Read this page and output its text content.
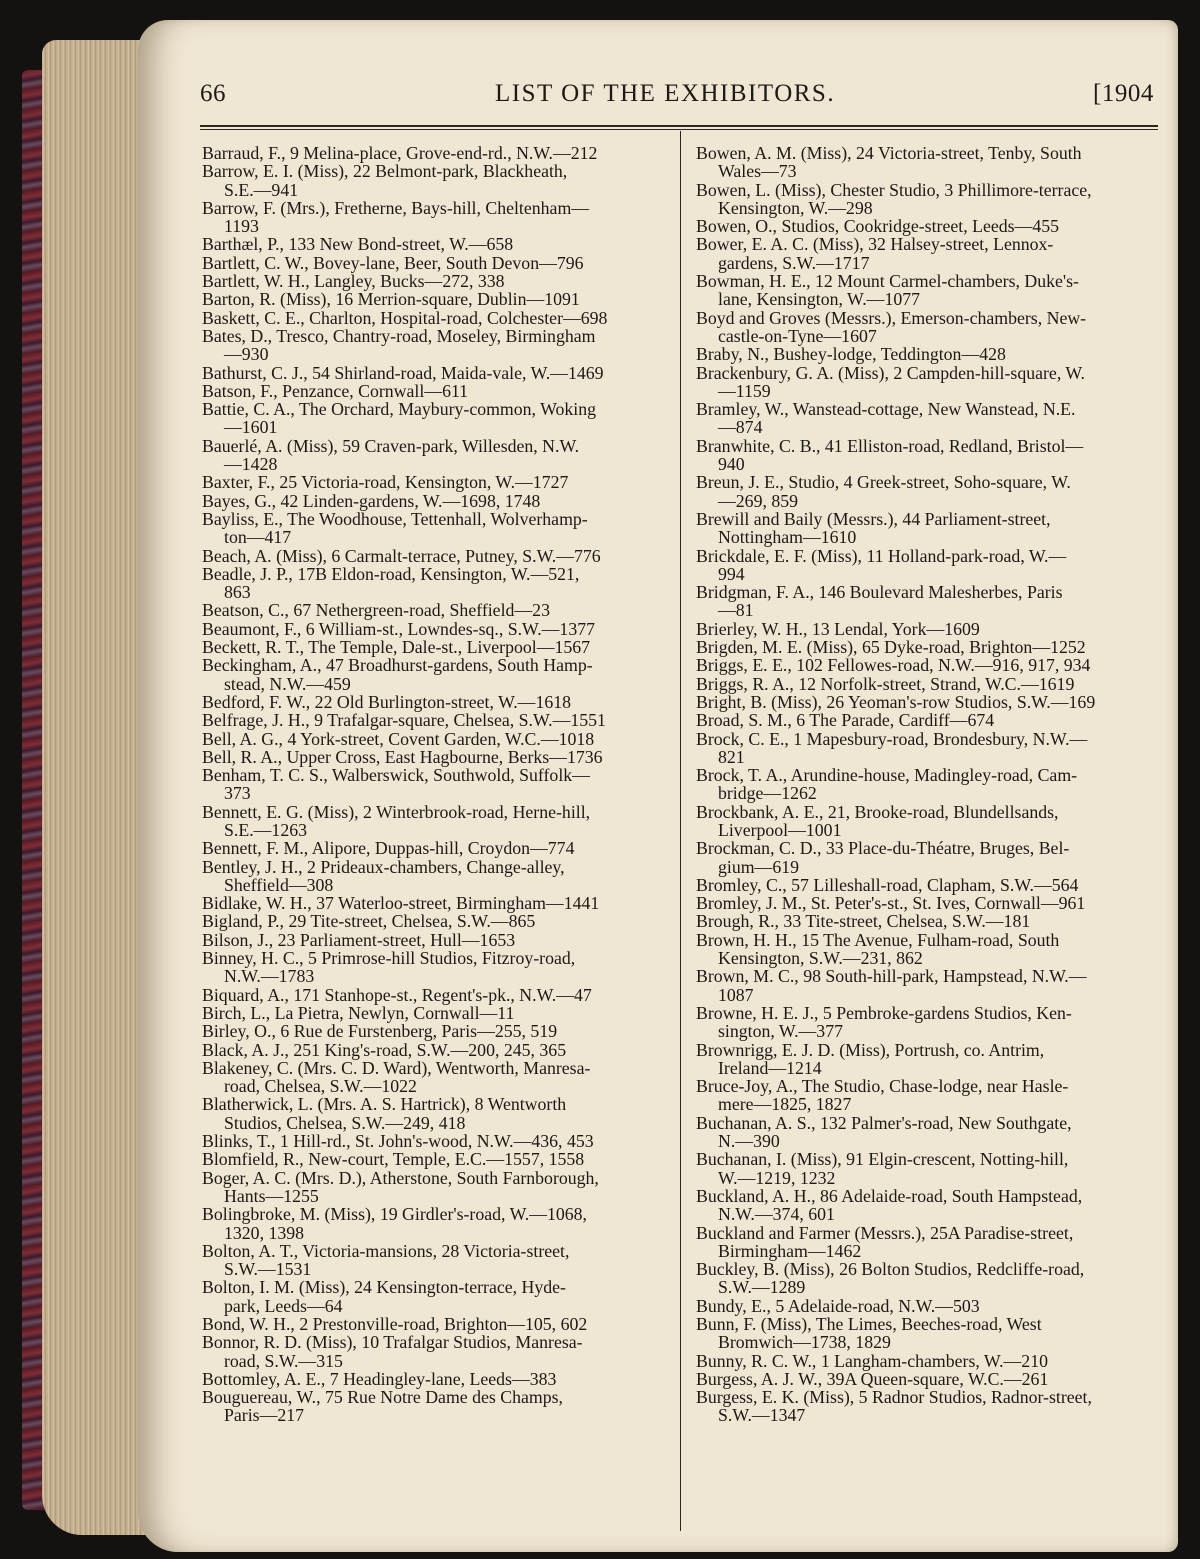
66	LIST OF THE EXHIBITORS.	[1904
Barraud, F., 9 Melina-place, Grove-end-rd., N.W.—212
Barrow, E. I. (Miss), 22 Belmont-park, Blackheath,
S.E.—941
Barrow, F. (Mrs.), Fretherne, Bays-hill, Cheltenham—
1193
Barthæl, P., 133 New Bond-street, W.—658
Bartlett, C. W., Bovey-lane, Beer, South Devon—796
Bartlett, W. H., Langley, Bucks—272, 338
Barton, R. (Miss), 16 Merrion-square, Dublin—1091
Baskett, C. E., Charlton, Hospital-road, Colchester—698
Bates, D., Tresco, Chantry-road, Moseley, Birmingham
—930
Bathurst, C. J., 54 Shirland-road, Maida-vale, W.—1469
Batson, F., Penzance, Cornwall—611
Battie, C. A., The Orchard, Maybury-common, Woking
—1601
Bauerlé, A. (Miss), 59 Craven-park, Willesden, N.W.
—1428
Baxter, F., 25 Victoria-road, Kensington, W.—1727
Bayes, G., 42 Linden-gardens, W.—1698, 1748
Bayliss, E., The Woodhouse, Tettenhall, Wolverhamp-
ton—417
Beach, A. (Miss), 6 Carmalt-terrace, Putney, S.W.—776
Beadle, J. P., 17B Eldon-road, Kensington, W.—521,
863
Beatson, C., 67 Nethergreen-road, Sheffield—23
Beaumont, F., 6 William-st., Lowndes-sq., S.W.—1377
Beckett, R. T., The Temple, Dale-st., Liverpool—1567
Beckingham, A., 47 Broadhurst-gardens, South Hamp-
stead, N.W.—459
Bedford, F. W., 22 Old Burlington-street, W.—1618
Belfrage, J. H., 9 Trafalgar-square, Chelsea, S.W.—1551
Bell, A. G., 4 York-street, Covent Garden, W.C.—1018
Bell, R. A., Upper Cross, East Hagbourne, Berks—1736
Benham, T. C. S., Walberswick, Southwold, Suffolk—
373
Bennett, E. G. (Miss), 2 Winterbrook-road, Herne-hill,
S.E.—1263
Bennett, F. M., Alipore, Duppas-hill, Croydon—774
Bentley, J. H., 2 Prideaux-chambers, Change-alley,
Sheffield—308
Bidlake, W. H., 37 Waterloo-street, Birmingham—1441
Bigland, P., 29 Tite-street, Chelsea, S.W.—865
Bilson, J., 23 Parliament-street, Hull—1653
Binney, H. C., 5 Primrose-hill Studios, Fitzroy-road,
N.W.—1783
Biquard, A., 171 Stanhope-st., Regent's-pk., N.W.—47
Birch, L., La Pietra, Newlyn, Cornwall—11
Birley, O., 6 Rue de Furstenberg, Paris—255, 519
Black, A. J., 251 King's-road, S.W.—200, 245, 365
Blakeney, C. (Mrs. C. D. Ward), Wentworth, Manresa-
road, Chelsea, S.W.—1022
Blatherwick, L. (Mrs. A. S. Hartrick), 8 Wentworth
Studios, Chelsea, S.W.—249, 418
Blinks, T., 1 Hill-rd., St. John's-wood, N.W.—436, 453
Blomfield, R., New-court, Temple, E.C.—1557, 1558
Boger, A. C. (Mrs. D.), Atherstone, South Farnborough,
Hants—1255
Bolingbroke, M. (Miss), 19 Girdler's-road, W.—1068,
1320, 1398
Bolton, A. T., Victoria-mansions, 28 Victoria-street,
S.W.—1531
Bolton, I. M. (Miss), 24 Kensington-terrace, Hyde-
park, Leeds—64
Bond, W. H., 2 Prestonville-road, Brighton—105, 602
Bonnor, R. D. (Miss), 10 Trafalgar Studios, Manresa-
road, S.W.—315
Bottomley, A. E., 7 Headingley-lane, Leeds—383
Bouguereau, W., 75 Rue Notre Dame des Champs,
Paris—217
Bowen, A. M. (Miss), 24 Victoria-street, Tenby, South
Wales—73
Bowen, L. (Miss), Chester Studio, 3 Phillimore-terrace,
Kensington, W.—298
Bowen, O., Studios, Cookridge-street, Leeds—455
Bower, E. A. C. (Miss), 32 Halsey-street, Lennox-
gardens, S.W.—1717
Bowman, H. E., 12 Mount Carmel-chambers, Duke's-
lane, Kensington, W.—1077
Boyd and Groves (Messrs.), Emerson-chambers, New-
castle-on-Tyne—1607
Braby, N., Bushey-lodge, Teddington—428
Brackenbury, G. A. (Miss), 2 Campden-hill-square, W.
—1159
Bramley, W., Wanstead-cottage, New Wanstead, N.E.
—874
Branwhite, C. B., 41 Elliston-road, Redland, Bristol—
940
Breun, J. E., Studio, 4 Greek-street, Soho-square, W.
—269, 859
Brewill and Baily (Messrs.), 44 Parliament-street,
Nottingham—1610
Brickdale, E. F. (Miss), 11 Holland-park-road, W.—
994
Bridgman, F. A., 146 Boulevard Malesherbes, Paris
—81
Brierley, W. H., 13 Lendal, York—1609
Brigden, M. E. (Miss), 65 Dyke-road, Brighton—1252
Briggs, E. E., 102 Fellowes-road, N.W.—916, 917, 934
Briggs, R. A., 12 Norfolk-street, Strand, W.C.—1619
Bright, B. (Miss), 26 Yeoman's-row Studios, S.W.—169
Broad, S. M., 6 The Parade, Cardiff—674
Brock, C. E., 1 Mapesbury-road, Brondesbury, N.W.—
821
Brock, T. A., Arundine-house, Madingley-road, Cam-
bridge—1262
Brockbank, A. E., 21, Brooke-road, Blundellsands,
Liverpool—1001
Brockman, C. D., 33 Place-du-Théatre, Bruges, Bel-
gium—619
Bromley, C., 57 Lilleshall-road, Clapham, S.W.—564
Bromley, J. M., St. Peter's-st., St. Ives, Cornwall—961
Brough, R., 33 Tite-street, Chelsea, S.W.—181
Brown, H. H., 15 The Avenue, Fulham-road, South
Kensington, S.W.—231, 862
Brown, M. C., 98 South-hill-park, Hampstead, N.W.—
1087
Browne, H. E. J., 5 Pembroke-gardens Studios, Ken-
sington, W.—377
Brownrigg, E. J. D. (Miss), Portrush, co. Antrim,
Ireland—1214
Bruce-Joy, A., The Studio, Chase-lodge, near Hasle-
mere—1825, 1827
Buchanan, A. S., 132 Palmer's-road, New Southgate,
N.—390
Buchanan, I. (Miss), 91 Elgin-crescent, Notting-hill,
W.—1219, 1232
Buckland, A. H., 86 Adelaide-road, South Hampstead,
N.W.—374, 601
Buckland and Farmer (Messrs.), 25A Paradise-street,
Birmingham—1462
Buckley, B. (Miss), 26 Bolton Studios, Redcliffe-road,
S.W.—1289
Bundy, E., 5 Adelaide-road, N.W.—503
Bunn, F. (Miss), The Limes, Beeches-road, West
Bromwich—1738, 1829
Bunny, R. C. W., 1 Langham-chambers, W.—210
Burgess, A. J. W., 39A Queen-square, W.C.—261
Burgess, E. K. (Miss), 5 Radnor Studios, Radnor-street,
S.W.—1347
